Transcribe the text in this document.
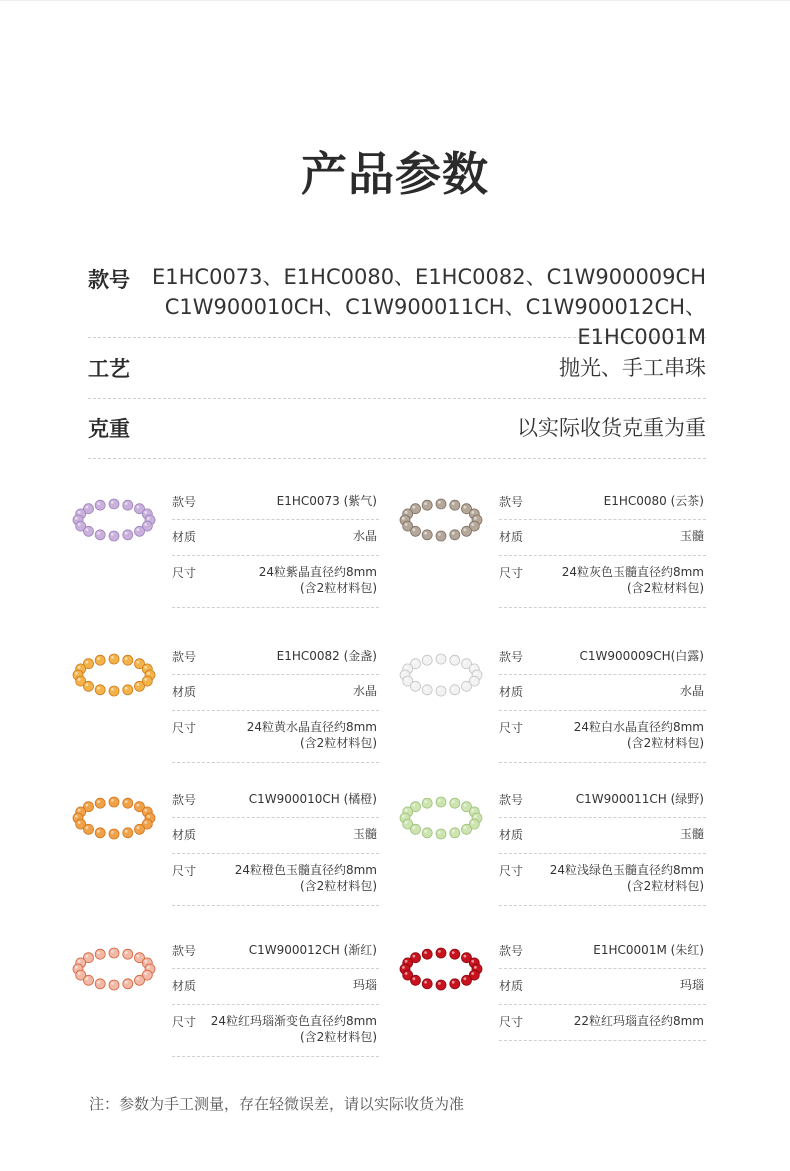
产品参数
款号 E1HC0073、E1HC0080、E1HC0082、C1W900009CH
C1W900010CH、C1W900011CH、C1W900012CH、E1HC0001M
工艺	抛光、手工串珠
克重	以实际收货克重为重
款号	E1HC0073 (紫气)
材质	水晶
尺寸	24粒紫晶直径约8mm
(含2粒材料包)
款号	E1HC0080 (云茶)
材质	玉髓
尺寸	24粒灰色玉髓直径约8mm
(含2粒材料包)
款号	E1HC0082 (金盏)
材质	水晶
尺寸	24粒黄水晶直径约8mm
(含2粒材料包)
款号	C1W900009CH(白露)
材质	水晶
尺寸	24粒白水晶直径约8mm
(含2粒材料包)
款号	C1W900010CH (橘橙)
材质	玉髓
尺寸	24粒橙色玉髓直径约8mm
(含2粒材料包)
款号	C1W900011CH (绿野)
材质	玉髓
尺寸 24粒浅绿色玉髓直径约8mm
(含2粒材料包)
款号	C1W900012CH (渐红)
材质	玛瑙
尺寸 24粒红玛瑙渐变色直径约8mm
(含2粒材料包)
款号	E1HC0001M (朱红)
材质	玛瑙
尺寸	22粒红玛瑙直径约8mm
注：参数为手工测量，存在轻微误差，请以实际收货为准
